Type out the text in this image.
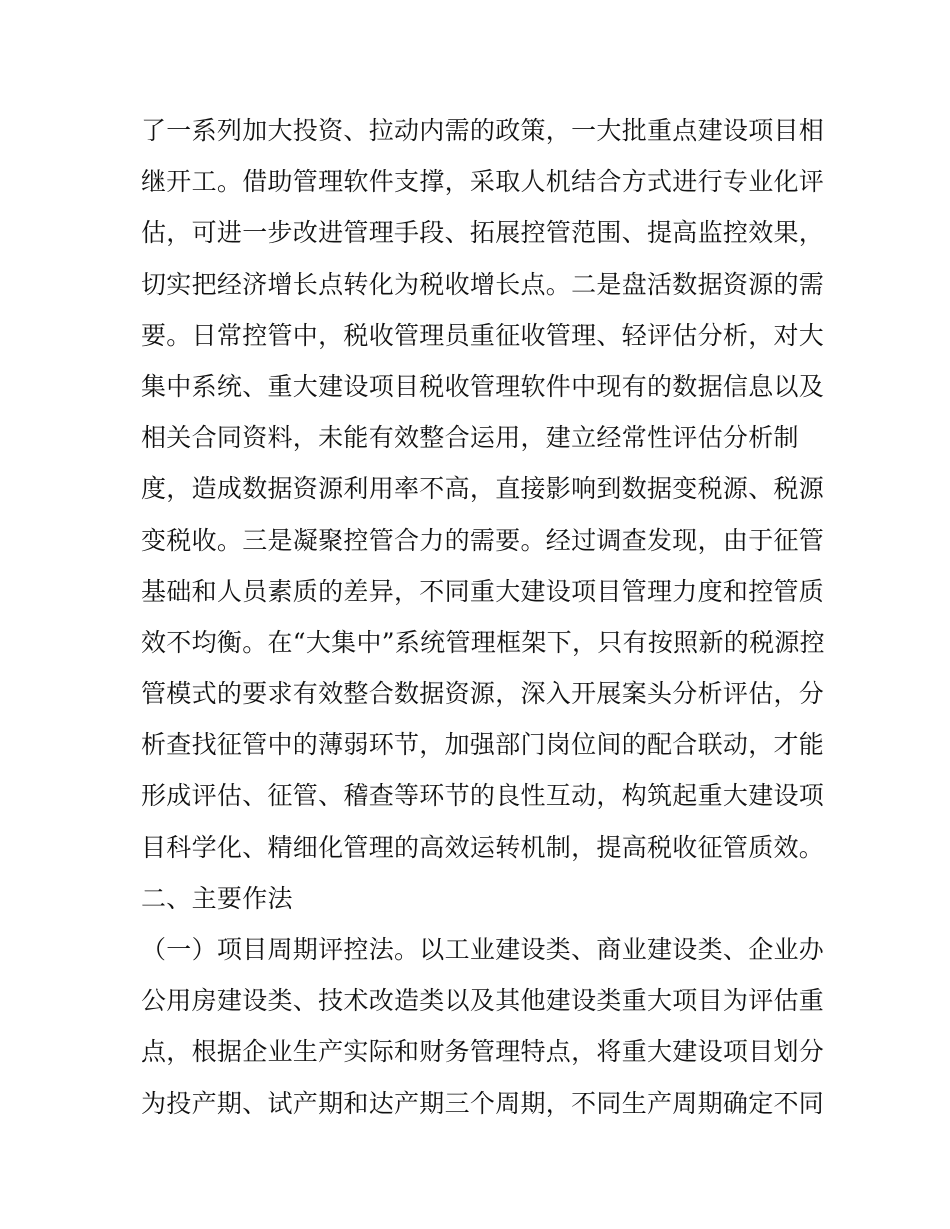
了一系列加大投资、拉动内需的政策，一大批重点建设项目相
继开工。借助管理软件支撑，采取人机结合方式进行专业化评
估，可进一步改进管理手段、拓展控管范围、提高监控效果，
切实把经济增长点转化为税收增长点。二是盘活数据资源的需
要。日常控管中，税收管理员重征收管理、轻评估分析，对大
集中系统、重大建设项目税收管理软件中现有的数据信息以及
相关合同资料，未能有效整合运用，建立经常性评估分析制
度，造成数据资源利用率不高，直接影响到数据变税源、税源
变税收。三是凝聚控管合力的需要。经过调查发现，由于征管
基础和人员素质的差异，不同重大建设项目管理力度和控管质
效不均衡。在“大集中”系统管理框架下，只有按照新的税源控
管模式的要求有效整合数据资源，深入开展案头分析评估，分
析查找征管中的薄弱环节，加强部门岗位间的配合联动，才能
形成评估、征管、稽查等环节的良性互动，构筑起重大建设项
目科学化、精细化管理的高效运转机制，提高税收征管质效。
二、主要作法
（一）项目周期评控法。以工业建设类、商业建设类、企业办
公用房建设类、技术改造类以及其他建设类重大项目为评估重
点，根据企业生产实际和财务管理特点，将重大建设项目划分
为投产期、试产期和达产期三个周期，不同生产周期确定不同
